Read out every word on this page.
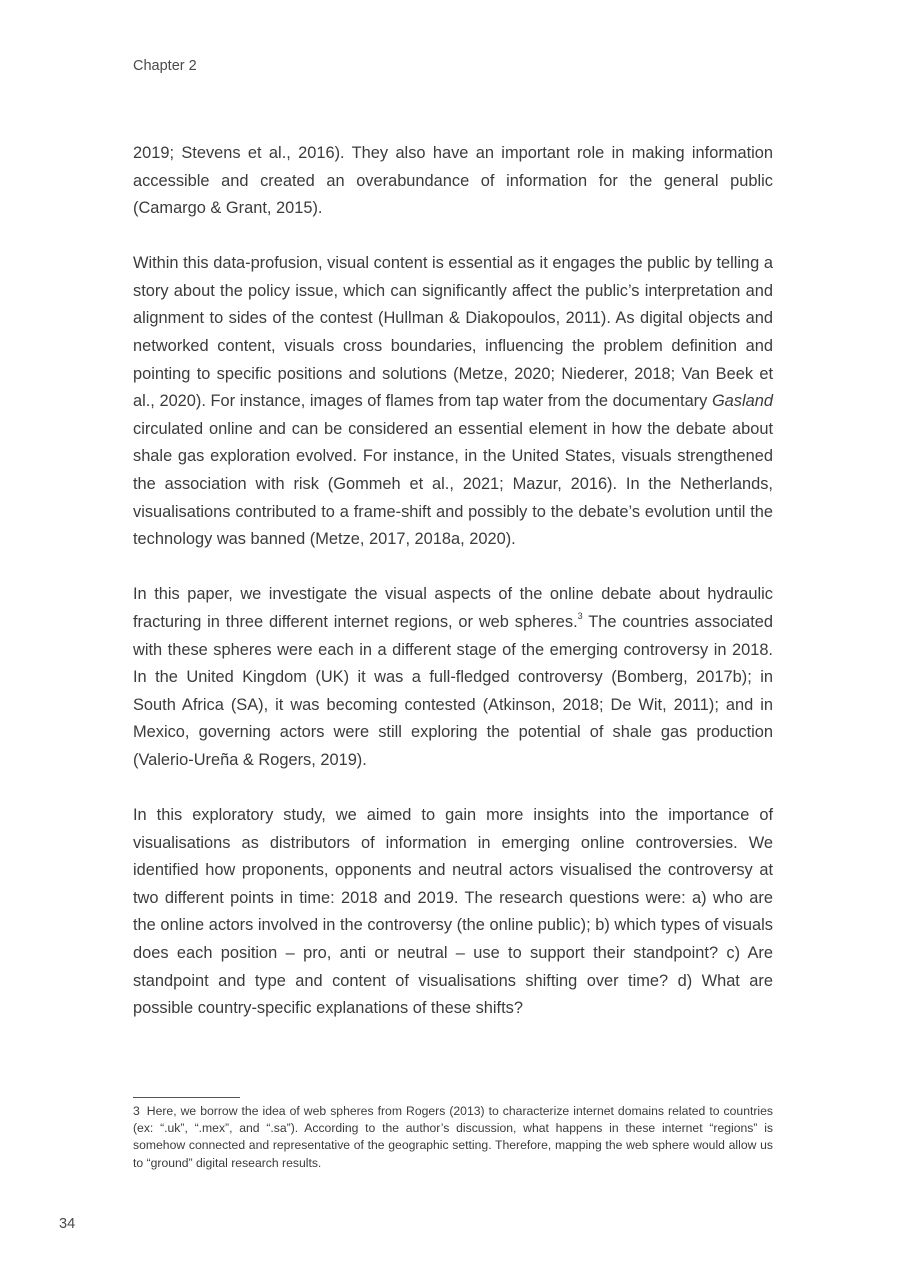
Chapter 2

2019; Stevens et al., 2016). They also have an important role in making information accessible and created an overabundance of information for the general public (Camargo & Grant, 2015).

Within this data-profusion, visual content is essential as it engages the public by telling a story about the policy issue, which can significantly affect the public’s interpretation and alignment to sides of the contest (Hullman & Diakopoulos, 2011). As digital objects and networked content, visuals cross boundaries, influencing the problem definition and pointing to specific positions and solutions (Metze, 2020; Niederer, 2018; Van Beek et al., 2020). For instance, images of flames from tap water from the documentary Gasland circulated online and can be considered an essential element in how the debate about shale gas exploration evolved. For instance, in the United States, visuals strengthened the association with risk (Gommeh et al., 2021; Mazur, 2016). In the Netherlands, visualisations contributed to a frame-shift and possibly to the debate’s evolution until the technology was banned (Metze, 2017, 2018a, 2020).

In this paper, we investigate the visual aspects of the online debate about hydraulic fracturing in three different internet regions, or web spheres.$^3$ The countries associated with these spheres were each in a different stage of the emerging controversy in 2018. In the United Kingdom (UK) it was a full-fledged controversy (Bomberg, 2017b); in South Africa (SA), it was becoming contested (Atkinson, 2018; De Wit, 2011); and in Mexico, governing actors were still exploring the potential of shale gas production (Valerio-Ureña & Rogers, 2019).

In this exploratory study, we aimed to gain more insights into the importance of visualisations as distributors of information in emerging online controversies. We identified how proponents, opponents and neutral actors visualised the controversy at two different points in time: 2018 and 2019. The research questions were: a) who are the online actors involved in the controversy (the online public); b) which types of visuals does each position – pro, anti or neutral – use to support their standpoint? c) Are standpoint and type and content of visualisations shifting over time? d) What are possible country-specific explanations of these shifts?

3 Here, we borrow the idea of web spheres from Rogers (2013) to characterize internet domains related to countries (ex: “.uk”, “.mex”, and “.sa”). According to the author’s discussion, what happens in these internet “regions” is somehow connected and representative of the geographic setting. Therefore, mapping the web sphere would allow us to “ground” digital research results.

34
